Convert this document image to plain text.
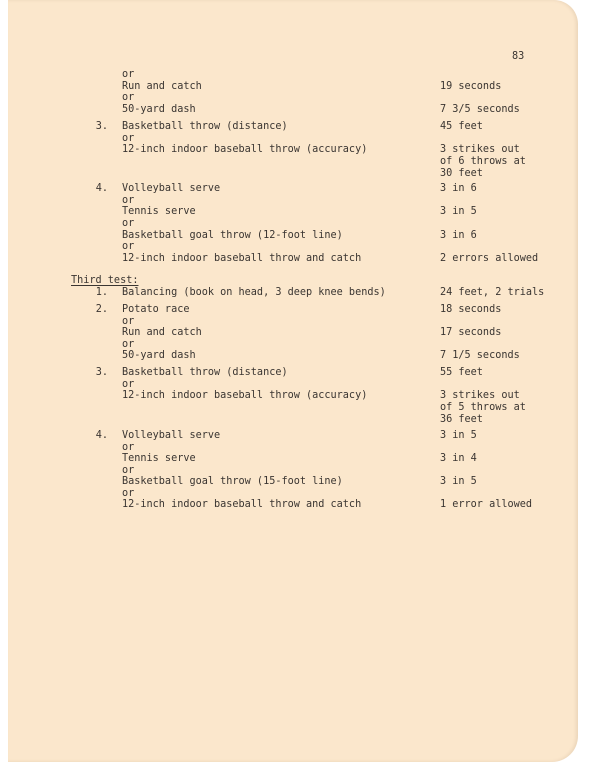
83
or
Run and catch	19 seconds
or
50-yard dash	7 3/5 seconds
3. Basketball throw (distance)	45 feet
or
12-inch indoor baseball throw (accuracy)	3 strikes out
of 6 throws at
30 feet
4. Volleyball serve	3 in 6
or
Tennis serve	3 in 5
or
Basketball goal throw (12-foot line)	3 in 6
or
12-inch indoor baseball throw and catch	2 errors allowed
Third test:
1. Balancing (book on head, 3 deep knee bends)	24 feet, 2 trials
2. Potato race	18 seconds
or
Run and catch	17 seconds
or
50-yard dash	7 1/5 seconds
3. Basketball throw (distance)	55 feet
or
12-inch indoor baseball throw (accuracy)	3 strikes out
of 5 throws at
36 feet
4. Volleyball serve	3 in 5
or
Tennis serve	3 in 4
or
Basketball goal throw (15-foot line)	3 in 5
or
12-inch indoor baseball throw and catch	1 error allowed
